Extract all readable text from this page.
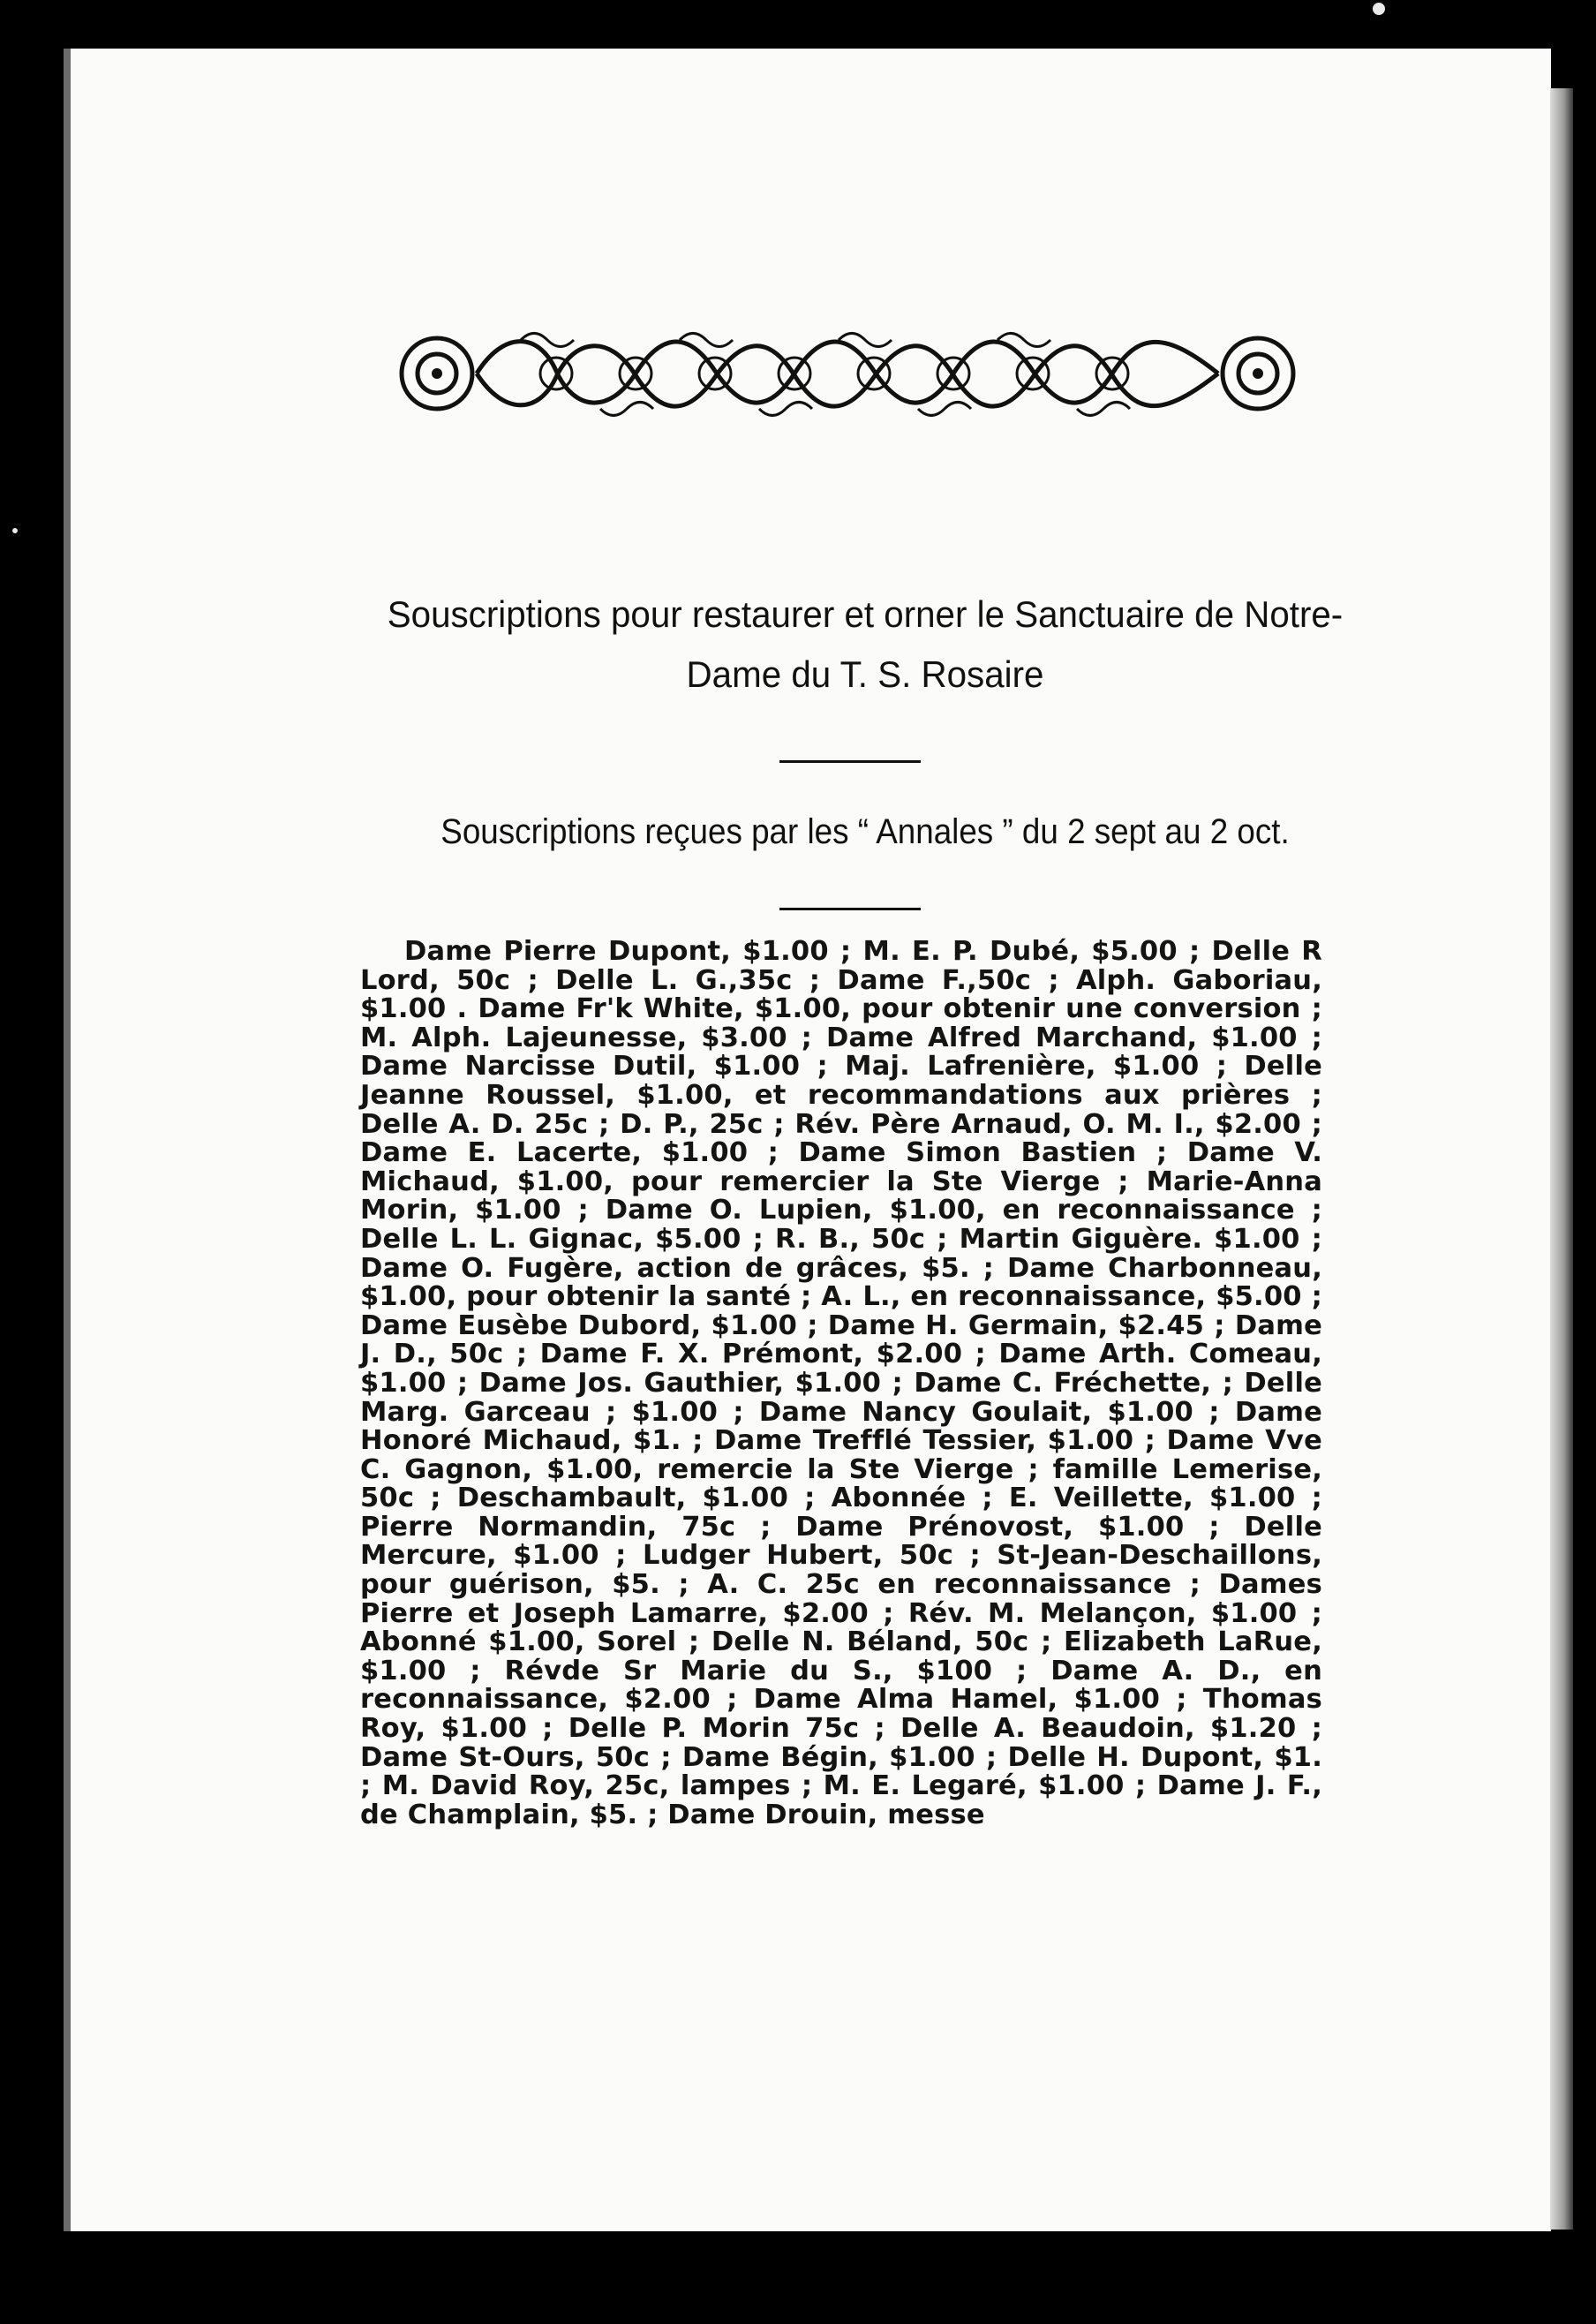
Souscriptions pour restaurer et orner le Sanctuaire de Notre-Dame du T. S. Rosaire
Souscriptions reçues par les “ Annales ” du 2 sept au 2 oct.

Dame Pierre Dupont, $1.00 ; M. E. P. Dubé, $5.00 ; Delle R Lord, 50c ; Delle L. G.,35c ; Dame F.,50c ; Alph. Gaboriau, $1.00 . Dame Fr'k White, $1.00, pour obtenir une conversion ; M. Alph. Lajeunesse, $3.00 ; Dame Alfred Marchand, $1.00 ; Dame Narcisse Dutil, $1.00 ; Maj. Lafrenière, $1.00 ; Delle Jeanne Roussel, $1.00, et recommandations aux prières ; Delle A. D. 25c ; D. P., 25c ; Rév. Père Arnaud, O. M. I., $2.00 ; Dame E. Lacerte, $1.00 ; Dame Simon Bastien ; Dame V. Michaud, $1.00, pour remercier la Ste Vierge ; Marie-Anna Morin, $1.00 ; Dame O. Lupien, $1.00, en reconnaissance ; Delle L. L. Gignac, $5.00 ; R. B., 50c ; Martin Giguère. $1.00 ; Dame O. Fugère, action de grâces, $5. ; Dame Charbonneau, $1.00, pour obtenir la santé ; A. L., en reconnaissance, $5.00 ; Dame Eusèbe Dubord, $1.00 ; Dame H. Germain, $2.45 ; Dame J. D., 50c ; Dame F. X. Prémont, $2.00 ; Dame Arth. Comeau, $1.00 ; Dame Jos. Gauthier, $1.00 ; Dame C. Fréchette, ; Delle Marg. Garceau ; $1.00 ; Dame Nancy Goulait, $1.00 ; Dame Honoré Michaud, $1. ; Dame Trefflé Tessier, $1.00 ; Dame Vve C. Gagnon, $1.00, remercie la Ste Vierge ; famille Lemerise, 50c ; Deschambault, $1.00 ; Abonnée ; E. Veillette, $1.00 ; Pierre Normandin, 75c ; Dame Prénovost, $1.00 ; Delle Mercure, $1.00 ; Ludger Hubert, 50c ; St-Jean-Deschaillons, pour guérison, $5. ; A. C. 25c en reconnaissance ; Dames Pierre et Joseph Lamarre, $2.00 ; Rév. M. Melançon, $1.00 ; Abonné $1.00, Sorel ; Delle N. Béland, 50c ; Elizabeth LaRue, $1.00 ; Révde Sr Marie du S., $100 ; Dame A. D., en reconnaissance, $2.00 ; Dame Alma Hamel, $1.00 ; Thomas Roy, $1.00 ; Delle P. Morin 75c ; Delle A. Beaudoin, $1.20 ; Dame St-Ours, 50c ; Dame Bégin, $1.00 ; Delle H. Dupont, $1. ; M. David Roy, 25c, lampes ; M. E. Legaré, $1.00 ; Dame J. F., de Champlain, $5. ; Dame Drouin, messe
